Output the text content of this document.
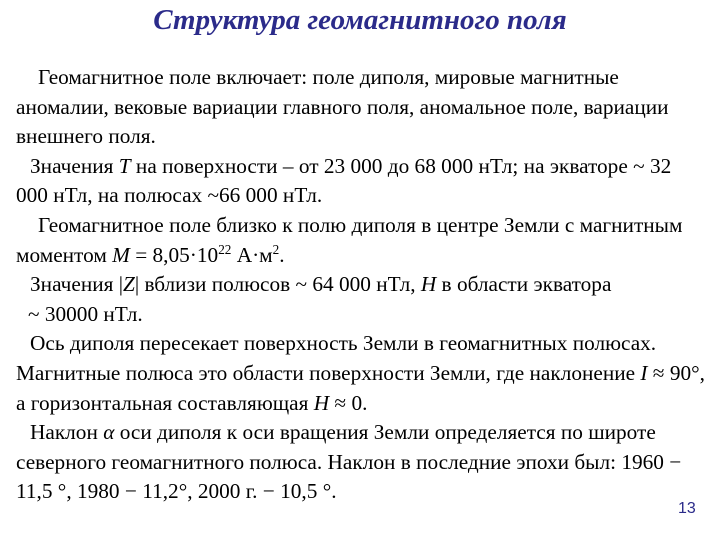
Структура геомагнитного поля

Геомагнитное поле включает: поле диполя, мировые магнитные аномалии, вековые вариации главного поля, аномальное поле, вариации внешнего поля.

Значения T на поверхности – от 23 000 до 68 000 нТл; на экваторе ~ 32 000 нТл, на полюсах ~66 000 нТл.

Геомагнитное поле близко к полю диполя в центре Земли с магнитным моментом $M = 8,05\cdot 10^{22}$ $А\cdot м^2$.

Значения |Z| вблизи полюсов ~ 64 000 нТл, H в области экватора

~ 30000 нТл.

Ось диполя пересекает поверхность Земли в геомагнитных полюсах. Магнитные полюса это области поверхности Земли, где наклонение I ≈ 90°, а горизонтальная составляющая H ≈ 0.

Наклон α оси диполя к оси вращения Земли определяется по широте северного геомагнитного полюса. Наклон в последние эпохи был: 1960 − 11,5 °, 1980 − 11,2°, 2000 г. − 10,5 °.

13
